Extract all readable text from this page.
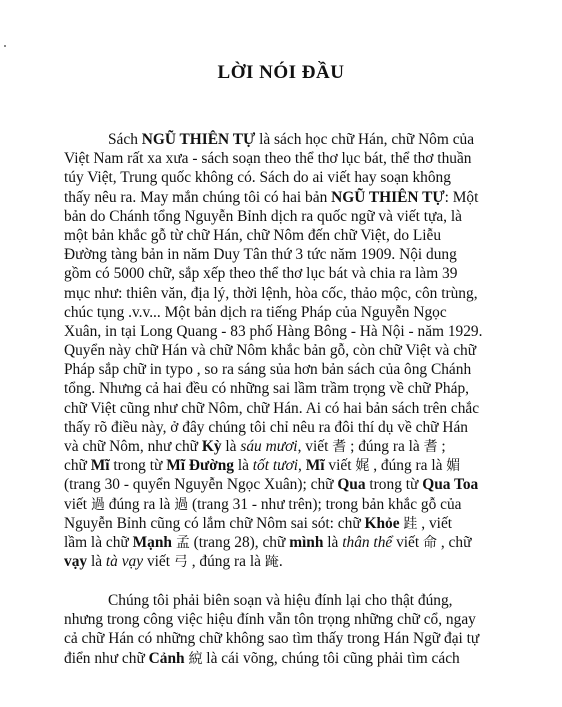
LỜI NÓI ĐẦU
Sách NGŨ THIÊN TỰ là sách học chữ Hán, chữ Nôm của
Việt Nam rất xa xưa - sách soạn theo thể thơ lục bát, thể thơ thuần
túy Việt, Trung quốc không có. Sách do ai viết hay soạn không
thấy nêu ra. May mắn chúng tôi có hai bản NGŨ THIÊN TỰ: Một
bản do Chánh tổng Nguyễn Bỉnh dịch ra quốc ngữ và viết tựa, là
một bản khắc gỗ từ chữ Hán, chữ Nôm đến chữ Việt, do Liễu
Đường tàng bản in năm Duy Tân thứ 3 tức năm 1909. Nội dung
gồm có 5000 chữ, sắp xếp theo thể thơ lục bát và chia ra làm 39
mục như: thiên văn, địa lý, thời lệnh, hòa cốc, thảo mộc, côn trùng,
chúc tụng .v.v... Một bản dịch ra tiếng Pháp của Nguyễn Ngọc
Xuân, in tại Long Quang - 83 phố Hàng Bông - Hà Nội - năm 1929.
Quyển này chữ Hán và chữ Nôm khắc bản gỗ, còn chữ Việt và chữ
Pháp sắp chữ in typo , so ra sáng sủa hơn bản sách của ông Chánh
tổng. Nhưng cả hai đều có những sai lầm trầm trọng về chữ Pháp,
chữ Việt cũng như chữ Nôm, chữ Hán. Ai có hai bản sách trên chắc
thấy rõ điều này, ở đây chúng tôi chỉ nêu ra đôi thí dụ về chữ Hán
và chữ Nôm, như chữ Kỳ là sáu mươi, viết 耆 ; đúng ra là 耆 ;
chữ Mĩ trong từ Mĩ Đường là tốt tươi, Mĩ viết 娓 , đúng ra là 媚
(trang 30 - quyển Nguyễn Ngọc Xuân); chữ Qua trong từ Qua Toa
viết 過 đúng ra là 過 (trang 31 - như trên); trong bản khắc gỗ của
Nguyễn Bỉnh cũng có lắm chữ Nôm sai sót: chữ Khỏe 跬 , viết
lầm là chữ Mạnh 孟 (trang 28), chữ mình là thân thể viết 命 , chữ
vạy là tà vạy viết 弓 , đúng ra là 𨂁.
Chúng tôi phải biên soạn và hiệu đính lại cho thật đúng,
nhưng trong công việc hiệu đính vẫn tôn trọng những chữ cổ, ngay
cả chữ Hán có những chữ không sao tìm thấy trong Hán Ngữ đại tự
điển như chữ Cảnh 綂 là cái võng, chúng tôi cũng phải tìm cách
